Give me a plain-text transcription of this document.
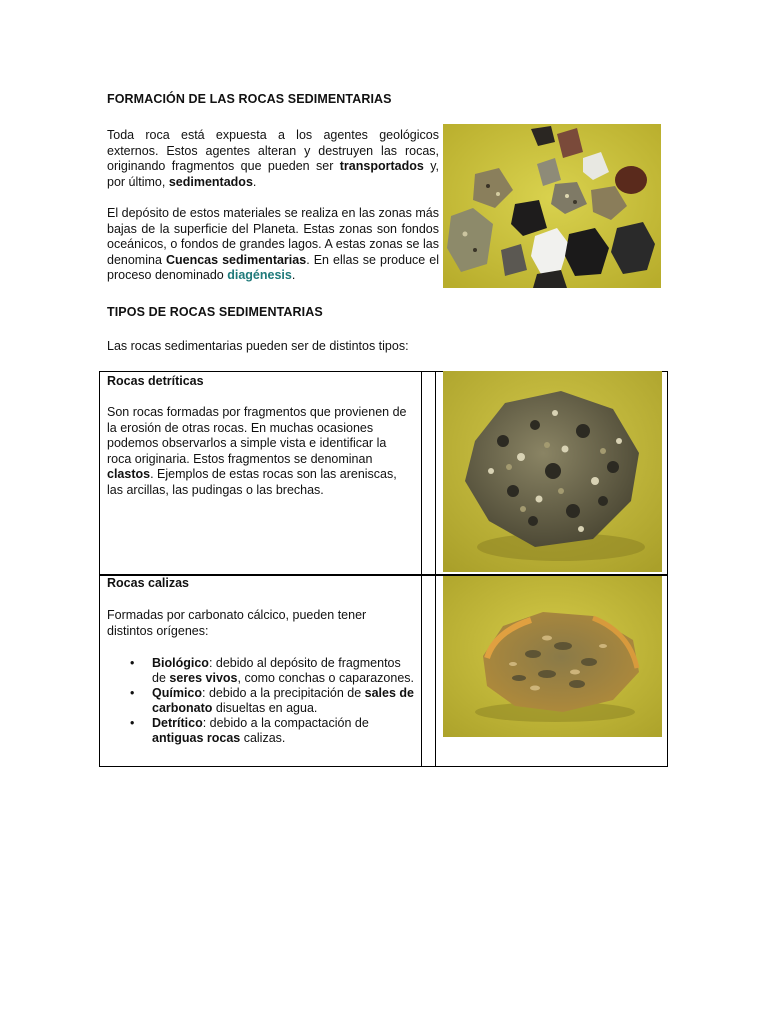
FORMACIÓN DE LAS ROCAS SEDIMENTARIAS

Toda roca está expuesta a los agentes geológicos externos. Estos agentes alteran y destruyen las rocas, originando fragmentos que pueden ser transportados y, por último, sedimentados.

El depósito de estos materiales se realiza en las zonas más bajas de la superficie del Planeta. Estas zonas son fondos oceánicos, o fondos de grandes lagos. A estas zonas se las denomina Cuencas sedimentarias. En ellas se produce el proceso denominado diagénesis.

TIPOS DE ROCAS SEDIMENTARIAS
Las rocas sedimentarias pueden ser de distintos tipos:
Rocas detríticas

Son rocas formadas por fragmentos que provienen de la erosión de otras rocas. En muchas ocasiones podemos observarlos a simple vista e identificar la roca originaria. Estos fragmentos se denominan clastos. Ejemplos de estas rocas son las areniscas, las arcillas, las pudingas o las brechas.

Rocas calizas

Formadas por carbonato cálcico, pueden tener distintos orígenes:

• Biológico: debido al depósito de fragmentos de seres vivos, como conchas o caparazones.
• Químico: debido a la precipitación de sales de carbonato disueltas en agua.
• Detrítico: debido a la compactación de antiguas rocas calizas.
